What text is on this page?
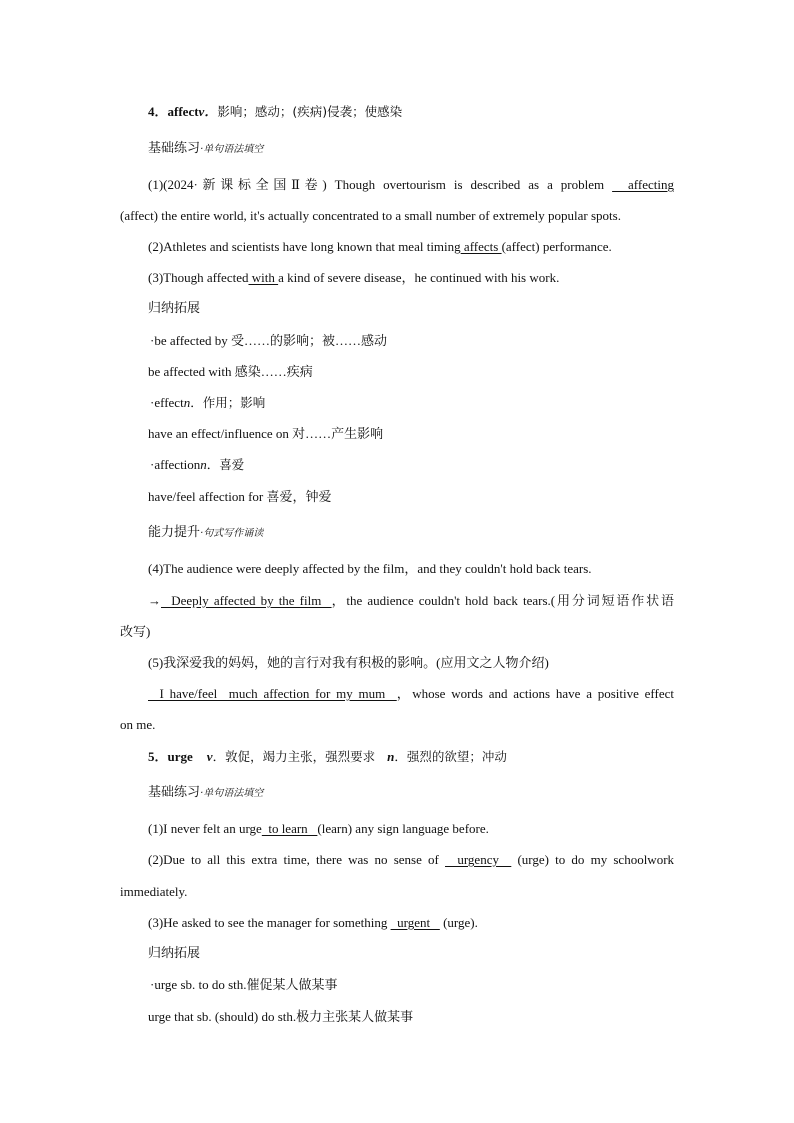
4．affectv．影响；感动；(疾病)侵袭；使感染
基础练习·单句语法填空
(1)(2024·新课标全国Ⅱ卷) Though overtourism is described as a problem   affecting
(affect) the entire world, it's actually concentrated to a small number of extremely popular spots.
(2)Athletes and scientists have long known that meal timing affects (affect) performance.
(3)Though affected with a kind of severe disease，he continued with his work.
归纳拓展
·be affected by 受……的影响；被……感动
be affected with 感染……疾病
·effectn．作用；影响
have an effect/influence on 对……产生影响
·affectionn．喜爱
have/feel affection for 喜爱，钟爱
能力提升·句式写作诵读
(4)The audience were deeply affected by the film，and they couldn't hold back tears.
→  Deeply affected by the film  ，the audience couldn't hold back tears.(用分词短语作状语
改写)
(5)我深爱我的妈妈，她的言行对我有积极的影响。(应用文之人物介绍)
I have/feel  much affection for my mum  ，whose words and actions have a positive effect
on me.
5．urge v．敦促，竭力主张，强烈要求 n．强烈的欲望；冲动
基础练习·单句语法填空
(1)I never felt an urge  to learn   (learn) any sign language before.
(2)Due to all this extra time, there was no sense of   urgency   (urge) to do my schoolwork
immediately.
(3)He asked to see the manager for something   urgent    (urge).
归纳拓展
·urge sb. to do sth.催促某人做某事
urge that sb. (should) do sth.极力主张某人做某事
